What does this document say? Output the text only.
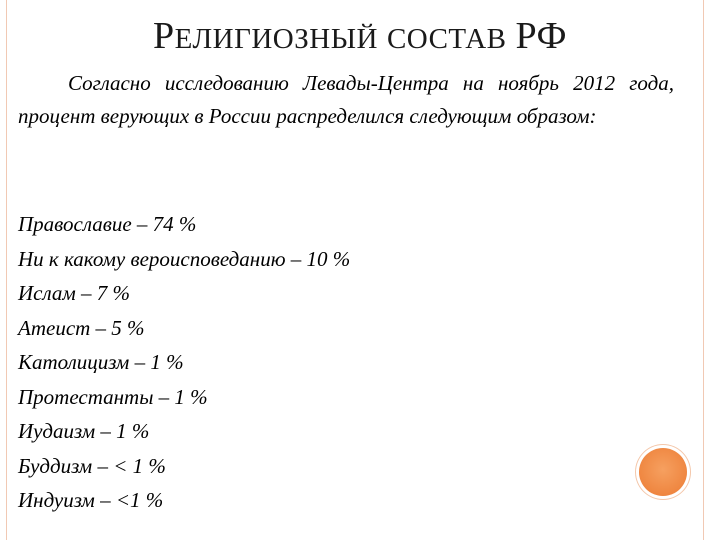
РЕЛИГИОЗНЫЙ СОСТАВ РФ
Согласно исследованию Левады-Центра на ноябрь 2012 года, процент верующих в России распределился следующим образом:
Православие – 74 %
Ни к какому вероисповеданию – 10 %
Ислам – 7 %
Атеист – 5 %
Католицизм – 1 %
Протестанты – 1 %
Иудаизм – 1 %
Буддизм – < 1 %
Индуизм – <1 %
